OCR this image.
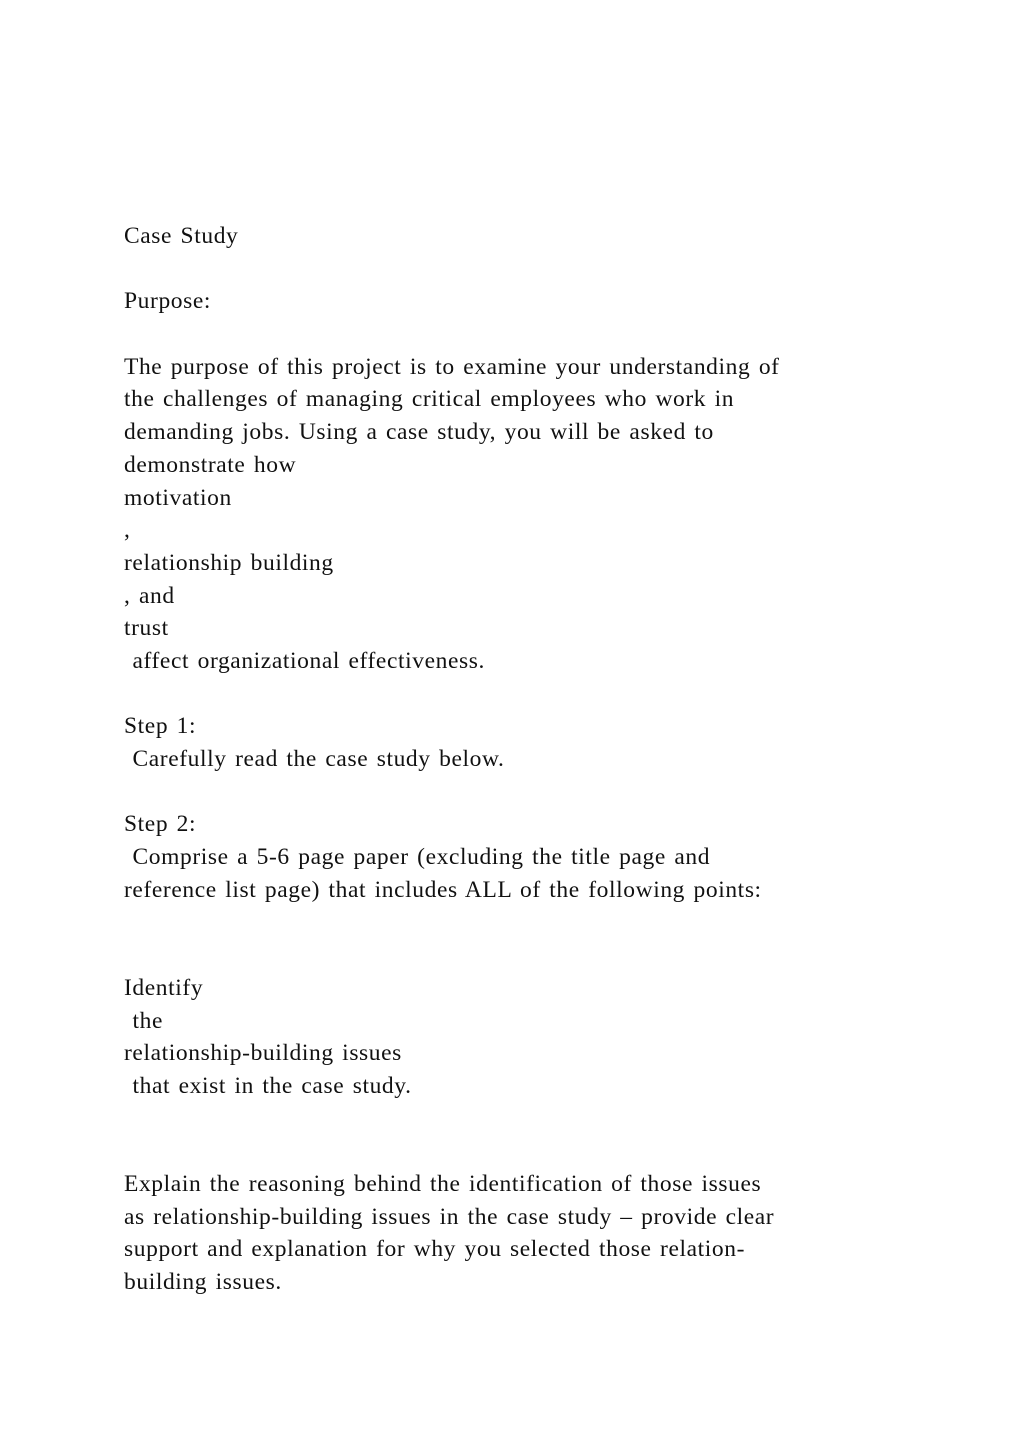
Case Study
Purpose:
The purpose of this project is to examine your understanding of
the challenges of managing critical employees who work in
demanding jobs. Using a case study, you will be asked to
demonstrate how
motivation
,
relationship building
, and
trust
affect organizational effectiveness.
Step 1:
Carefully read the case study below.
Step 2:
Comprise a 5-6 page paper (excluding the title page and
reference list page) that includes ALL of the following points:
Identify
the
relationship-building issues
that exist in the case study.
Explain the reasoning behind the identification of those issues
as relationship-building issues in the case study – provide clear
support and explanation for why you selected those relation-
building issues.
